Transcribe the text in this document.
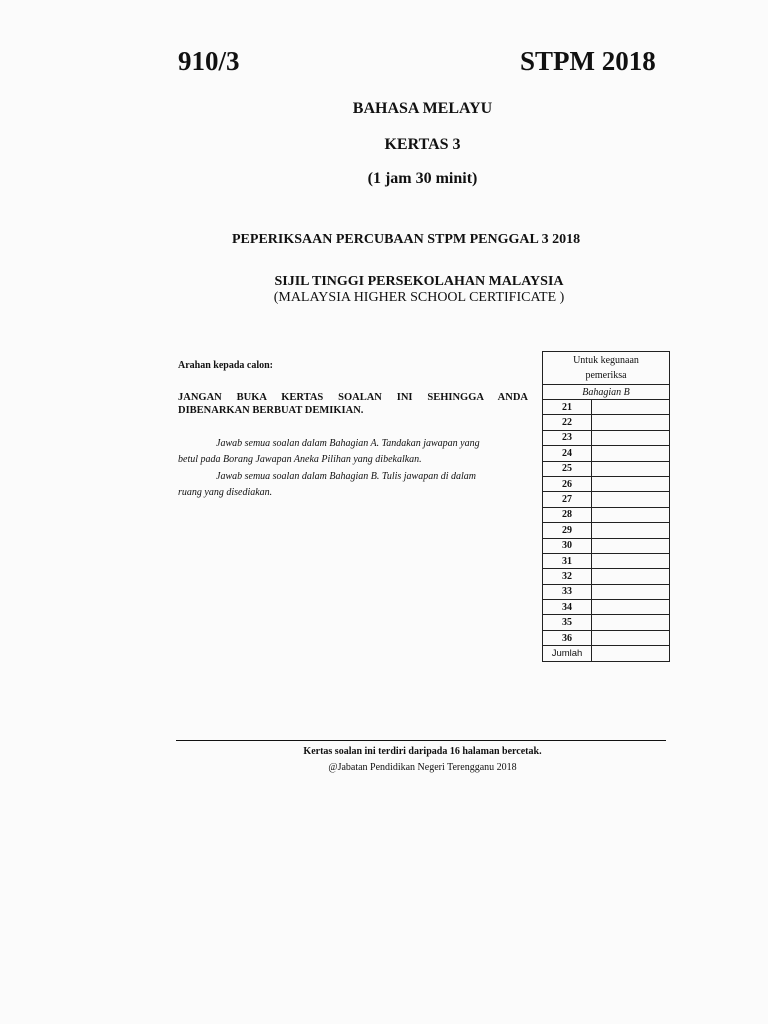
910/3	STPM 2018
BAHASA MELAYU
KERTAS 3
(1 jam 30 minit)
PEPERIKSAAN PERCUBAAN STPM PENGGAL 3 2018
SIJIL TINGGI PERSEKOLAHAN MALAYSIA
(MALAYSIA HIGHER SCHOOL CERTIFICATE )
Arahan kepada calon:
JANGAN BUKA KERTAS SOALAN INI SEHINGGA ANDA
DIBENARKAN BERBUAT DEMIKIAN.
Jawab semua soalan dalam Bahagian A. Tandakan jawapan yang
betul pada Borang Jawapan Aneka Pilihan yang dibekalkan.
Jawab semua soalan dalam Bahagian B. Tulis jawapan di dalam
ruang yang disediakan.
Untuk kegunaan
pemeriksa	
Bahagian B	
21	
22	
23	
24	
25	
26	
27	
28	
29	
30	
31	
32	
33	
34	
35	
36	
Jumlah	
Kertas soalan ini terdiri daripada 16 halaman bercetak.
@Jabatan Pendidikan Negeri Terengganu 2018
